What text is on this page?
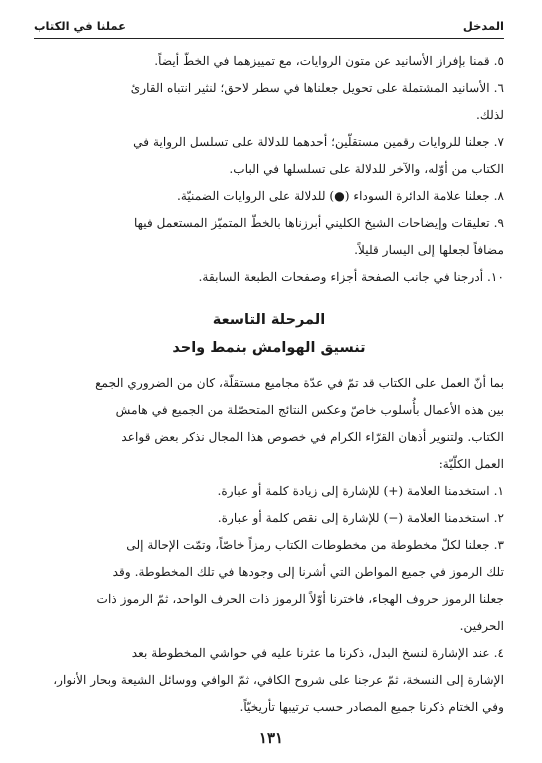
عملنا في الكتاب	المدخل
٥. قمنا بإفراز الأسانيد عن متون الروايات، مع تمييزهما في الخطّ أيضاً.
٦. الأسانيد المشتملة على تحويل جعلناها في سطر لاحق؛ لنثير انتباه القارئ
لذلك.
٧. جعلنا للروايات رقمين مستقلّين؛ أحدهما للدلالة على تسلسل الرواية في
الكتاب من أوّله، والآخر للدلالة على تسلسلها في الباب.
٨. جعلنا علامة الدائرة السوداء (●) للدلالة على الروايات الضمنيّة.
٩. تعليقات وإيضاحات الشيخ الكليني أبرزناها بالخطّ المتميّز المستعمل فيها
مضافاً لجعلها إلى اليسار قليلاً.
١٠. أدرجنا في جانب الصفحة أجزاء وصفحات الطبعة السابقة.
المرحلة التاسعة
تنسيق الهوامش بنمط واحد
بما أنّ العمل على الكتاب قد تمّ في عدّة مجاميع مستقلّة، كان من الضروري الجمع
بين هذه الأعمال بأُسلوب خاصّ وعكس النتائج المتحصّلة من الجميع في هامش
الكتاب. ولتنوير أذهان القرّاء الكرام في خصوص هذا المجال نذكر بعض قواعد
العمل الكلّيّة:
١. استخدمنا العلامة (+) للإشارة إلى زيادة كلمة أو عبارة.
٢. استخدمنا العلامة (−) للإشارة إلى نقص كلمة أو عبارة.
٣. جعلنا لكلّ مخطوطة من مخطوطات الكتاب رمزاً خاصّاً، وتمّت الإحالة إلى
تلك الرموز في جميع المواطن التي أشرنا إلى وجودها في تلك المخطوطة. وقد
جعلنا الرموز حروف الهجاء، فاخترنا أوّلاً الرموز ذات الحرف الواحد، ثمّ الرموز ذات
الحرفين.
٤. عند الإشارة لنسخ البدل، ذكرنا ما عثرنا عليه في حواشي المخطوطة بعد
الإشارة إلى النسخة، ثمّ عرجنا على شروح الكافي، ثمّ الوافي ووسائل الشيعة وبحار الأنوار،
وفي الختام ذكرنا جميع المصادر حسب ترتيبها تأريخيّاً.
١٣١
